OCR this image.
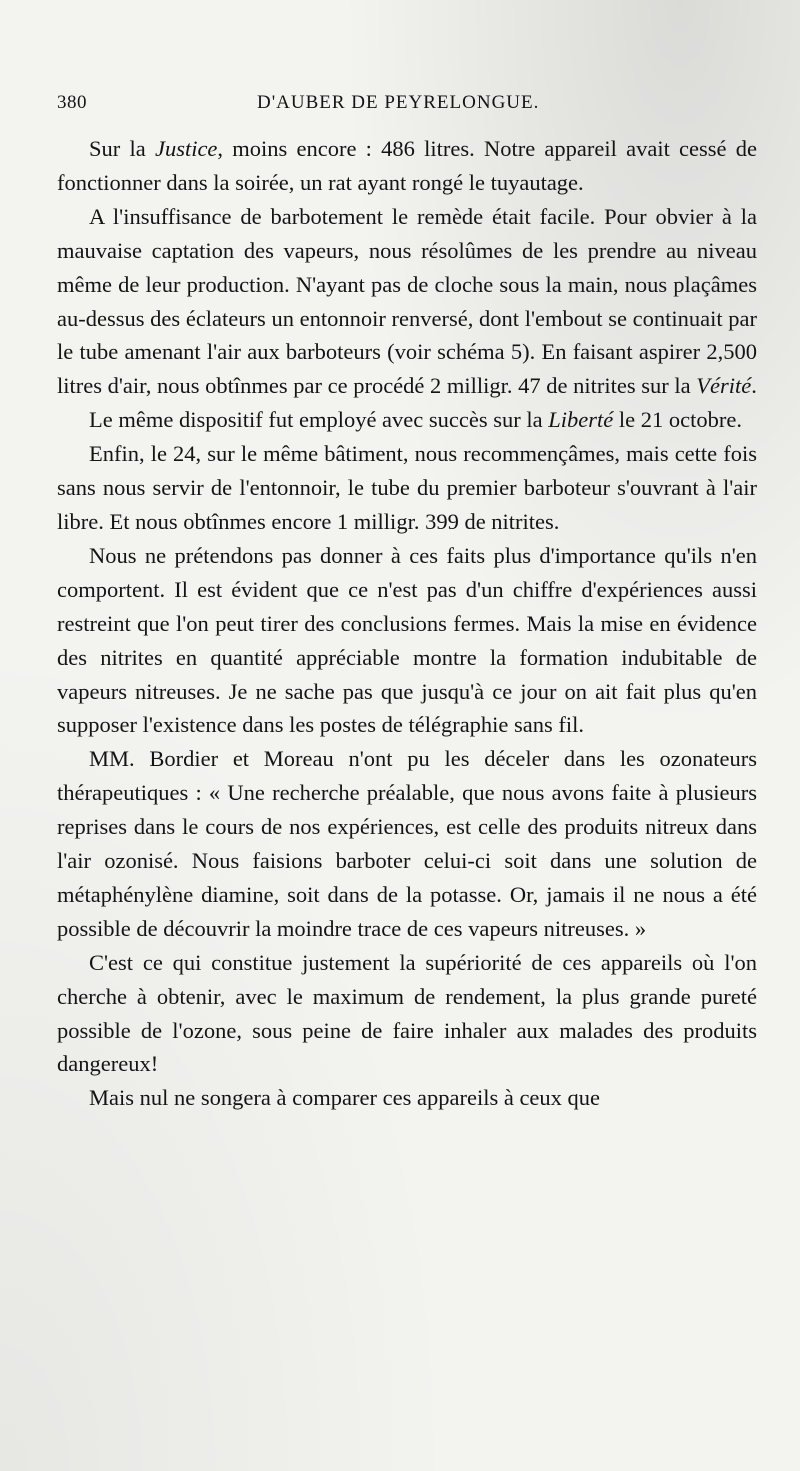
380	D'AUBER DE PEYRELONGUE.

Sur la Justice, moins encore : 486 litres. Notre appareil avait cessé de fonctionner dans la soirée, un rat ayant rongé le tuyautage.

A l'insuffisance de barbotement le remède était facile. Pour obvier à la mauvaise captation des vapeurs, nous résolûmes de les prendre au niveau même de leur production. N'ayant pas de cloche sous la main, nous plaçâmes au-dessus des éclateurs un entonnoir renversé, dont l'embout se continuait par le tube amenant l'air aux barboteurs (voir schéma 5). En faisant aspirer 2,500 litres d'air, nous obtînmes par ce procédé 2 milligr. 47 de nitrites sur la Vérité.

Le même dispositif fut employé avec succès sur la Liberté le 21 octobre.

Enfin, le 24, sur le même bâtiment, nous recommençâmes, mais cette fois sans nous servir de l'entonnoir, le tube du premier barboteur s'ouvrant à l'air libre. Et nous obtînmes encore 1 milligr. 399 de nitrites.

Nous ne prétendons pas donner à ces faits plus d'importance qu'ils n'en comportent. Il est évident que ce n'est pas d'un chiffre d'expériences aussi restreint que l'on peut tirer des conclusions fermes. Mais la mise en évidence des nitrites en quantité appréciable montre la formation indubitable de vapeurs nitreuses. Je ne sache pas que jusqu'à ce jour on ait fait plus qu'en supposer l'existence dans les postes de télégraphie sans fil.

MM. Bordier et Moreau n'ont pu les déceler dans les ozonateurs thérapeutiques : « Une recherche préalable, que nous avons faite à plusieurs reprises dans le cours de nos expériences, est celle des produits nitreux dans l'air ozonisé. Nous faisions barboter celui-ci soit dans une solution de métaphénylène diamine, soit dans de la potasse. Or, jamais il ne nous a été possible de découvrir la moindre trace de ces vapeurs nitreuses. »

C'est ce qui constitue justement la supériorité de ces appareils où l'on cherche à obtenir, avec le maximum de rendement, la plus grande pureté possible de l'ozone, sous peine de faire inhaler aux malades des produits dangereux!

Mais nul ne songera à comparer ces appareils à ceux que
